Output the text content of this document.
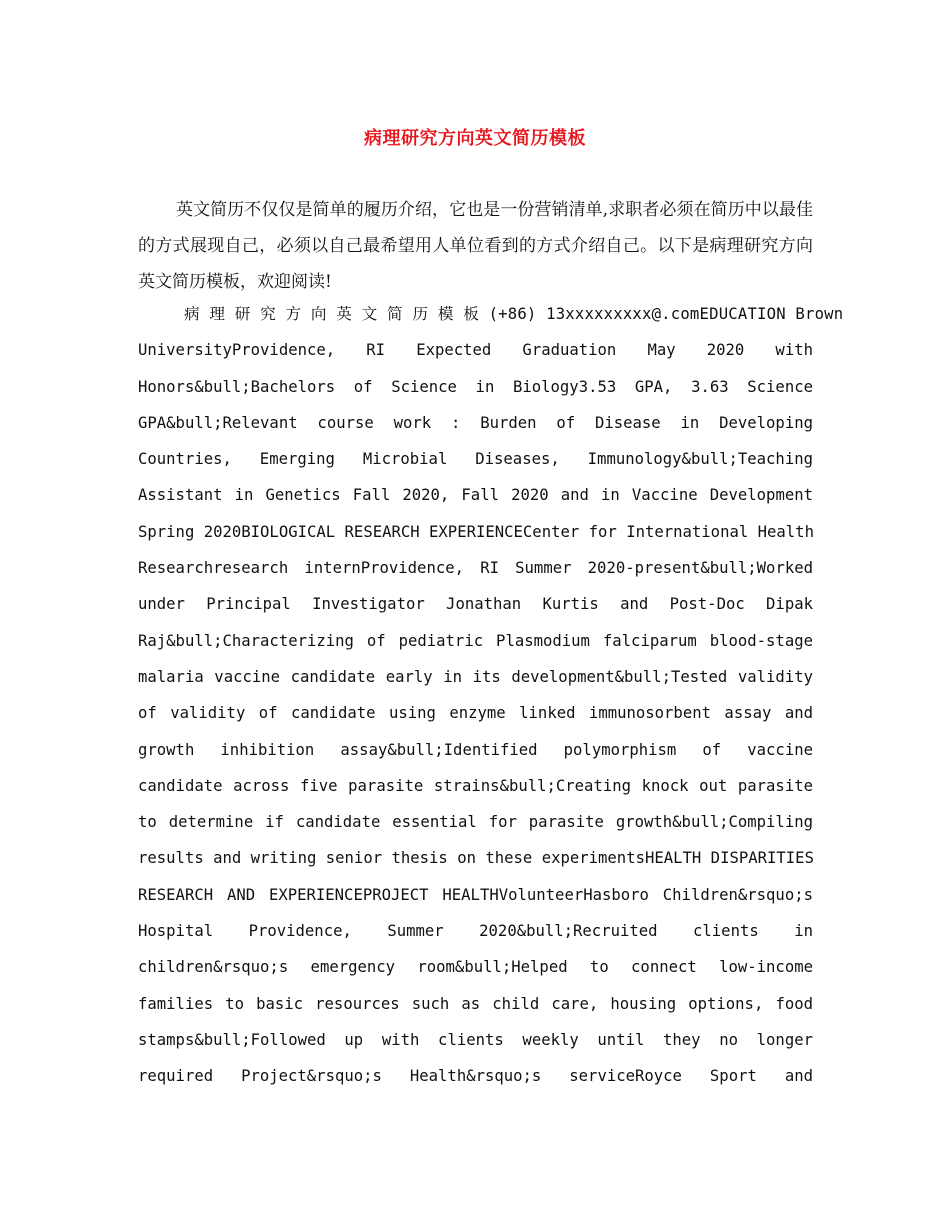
病理研究方向英文简历模板

英文简历不仅仅是简单的履历介绍，它也是一份营销清单,求职者必须在简历中以最佳的方式展现自己，必须以自己最希望用人单位看到的方式介绍自己。以下是病理研究方向英文简历模板，欢迎阅读!

病 理 研 究 方 向 英 文 简 历 模 板 (+86) 13xxxxxxxxx@.comEDUCATION Brown
UniversityProvidence, RI Expected Graduation May 2020 with
Honors&bull;Bachelors of Science in Biology3.53 GPA, 3.63 Science
GPA&bull;Relevant course work : Burden of Disease in Developing
Countries, Emerging Microbial Diseases, Immunology&bull;Teaching
Assistant in Genetics Fall 2020, Fall 2020 and in Vaccine Development
Spring 2020BIOLOGICAL RESEARCH EXPERIENCECenter for International Health
Researchresearch internProvidence, RI Summer 2020-present&bull;Worked
under Principal Investigator Jonathan Kurtis and Post-Doc Dipak
Raj&bull;Characterizing of pediatric Plasmodium falciparum blood-stage
malaria vaccine candidate early in its development&bull;Tested validity
of validity of candidate using enzyme linked immunosorbent assay and
growth inhibition assay&bull;Identified polymorphism of vaccine
candidate across five parasite strains&bull;Creating knock out parasite
to determine if candidate essential for parasite growth&bull;Compiling
results and writing senior thesis on these experimentsHEALTH DISPARITIES
RESEARCH AND EXPERIENCEPROJECT HEALTHVolunteerHasboro Children&rsquo;s
Hospital Providence, Summer 2020&bull;Recruited clients in
children&rsquo;s emergency room&bull;Helped to connect low-income
families to basic resources such as child care, housing options, food
stamps&bull;Followed up with clients weekly until they no longer
required Project&rsquo;s Health&rsquo;s serviceRoyce Sport and
